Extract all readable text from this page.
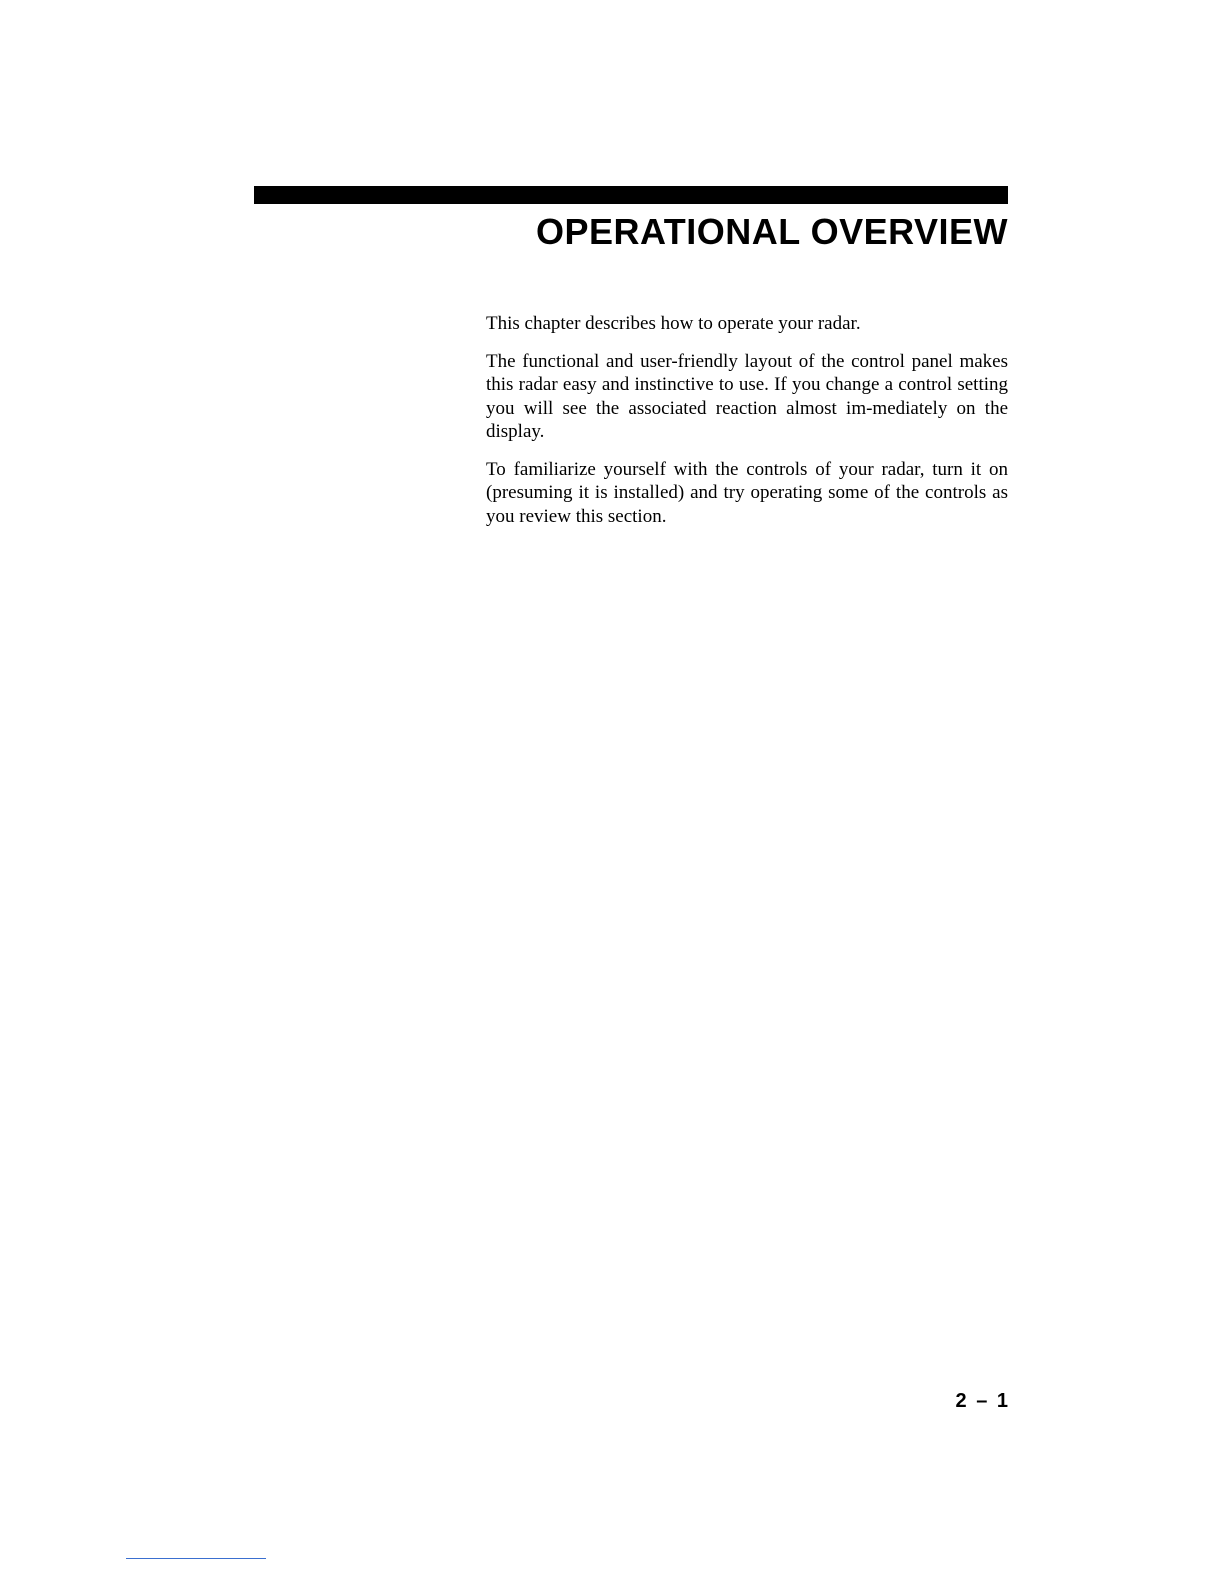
OPERATIONAL OVERVIEW

This chapter describes how to operate your radar.

The functional and user-friendly layout of the control panel makes this radar easy and instinctive to use. If you change a control setting you will see the associated reaction almost im-mediately on the display.

To familiarize yourself with the controls of your radar, turn it on (presuming it is installed) and try operating some of the controls as you review this section.

2 – 1
